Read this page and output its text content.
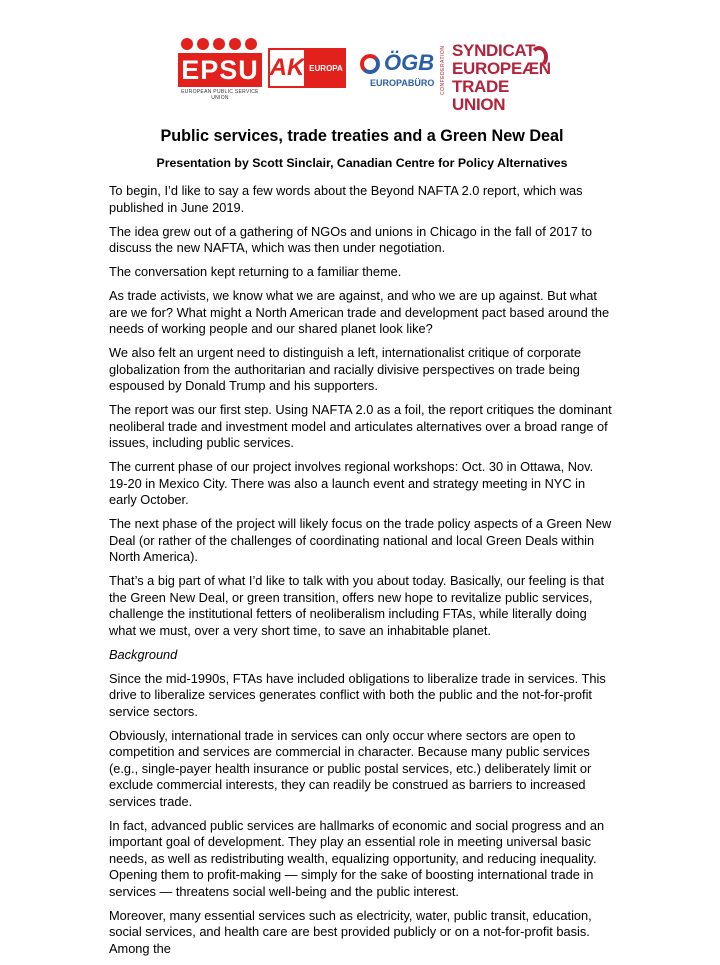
EPSU
EUROPEAN PUBLIC SERVICE UNION
AK EUROPA ÖGB
EUROPABÜRO CONFEDERATION SYNDICAT
EUROPEÆN
TRADE UNION
Public services, trade treaties and a Green New Deal
Presentation by Scott Sinclair, Canadian Centre for Policy Alternatives

To begin, I’d like to say a few words about the Beyond NAFTA 2.0 report, which was published in June 2019.

The idea grew out of a gathering of NGOs and unions in Chicago in the fall of 2017 to discuss the new NAFTA, which was then under negotiation.

The conversation kept returning to a familiar theme.

As trade activists, we know what we are against, and who we are up against. But what are we for? What might a North American trade and development pact based around the needs of working people and our shared planet look like?

We also felt an urgent need to distinguish a left, internationalist critique of corporate globalization from the authoritarian and racially divisive perspectives on trade being espoused by Donald Trump and his supporters.

The report was our first step. Using NAFTA 2.0 as a foil, the report critiques the dominant neoliberal trade and investment model and articulates alternatives over a broad range of issues, including public services.

The current phase of our project involves regional workshops: Oct. 30 in Ottawa, Nov. 19-20 in Mexico City. There was also a launch event and strategy meeting in NYC in early October.

The next phase of the project will likely focus on the trade policy aspects of a Green New Deal (or rather of the challenges of coordinating national and local Green Deals within North America).

That’s a big part of what I’d like to talk with you about today. Basically, our feeling is that the Green New Deal, or green transition, offers new hope to revitalize public services, challenge the institutional fetters of neoliberalism including FTAs, while literally doing what we must, over a very short time, to save an inhabitable planet.

Background

Since the mid-1990s, FTAs have included obligations to liberalize trade in services. This drive to liberalize services generates conflict with both the public and the not-for-profit service sectors.

Obviously, international trade in services can only occur where sectors are open to competition and services are commercial in character. Because many public services (e.g., single-payer health insurance or public postal services, etc.) deliberately limit or exclude commercial interests, they can readily be construed as barriers to increased services trade.

In fact, advanced public services are hallmarks of economic and social progress and an important goal of development. They play an essential role in meeting universal basic needs, as well as redistributing wealth, equalizing opportunity, and reducing inequality. Opening them to profit-making — simply for the sake of boosting international trade in services — threatens social well-being and the public interest.

Moreover, many essential services such as electricity, water, public transit, education, social services, and health care are best provided publicly or on a not-for-profit basis. Among the
